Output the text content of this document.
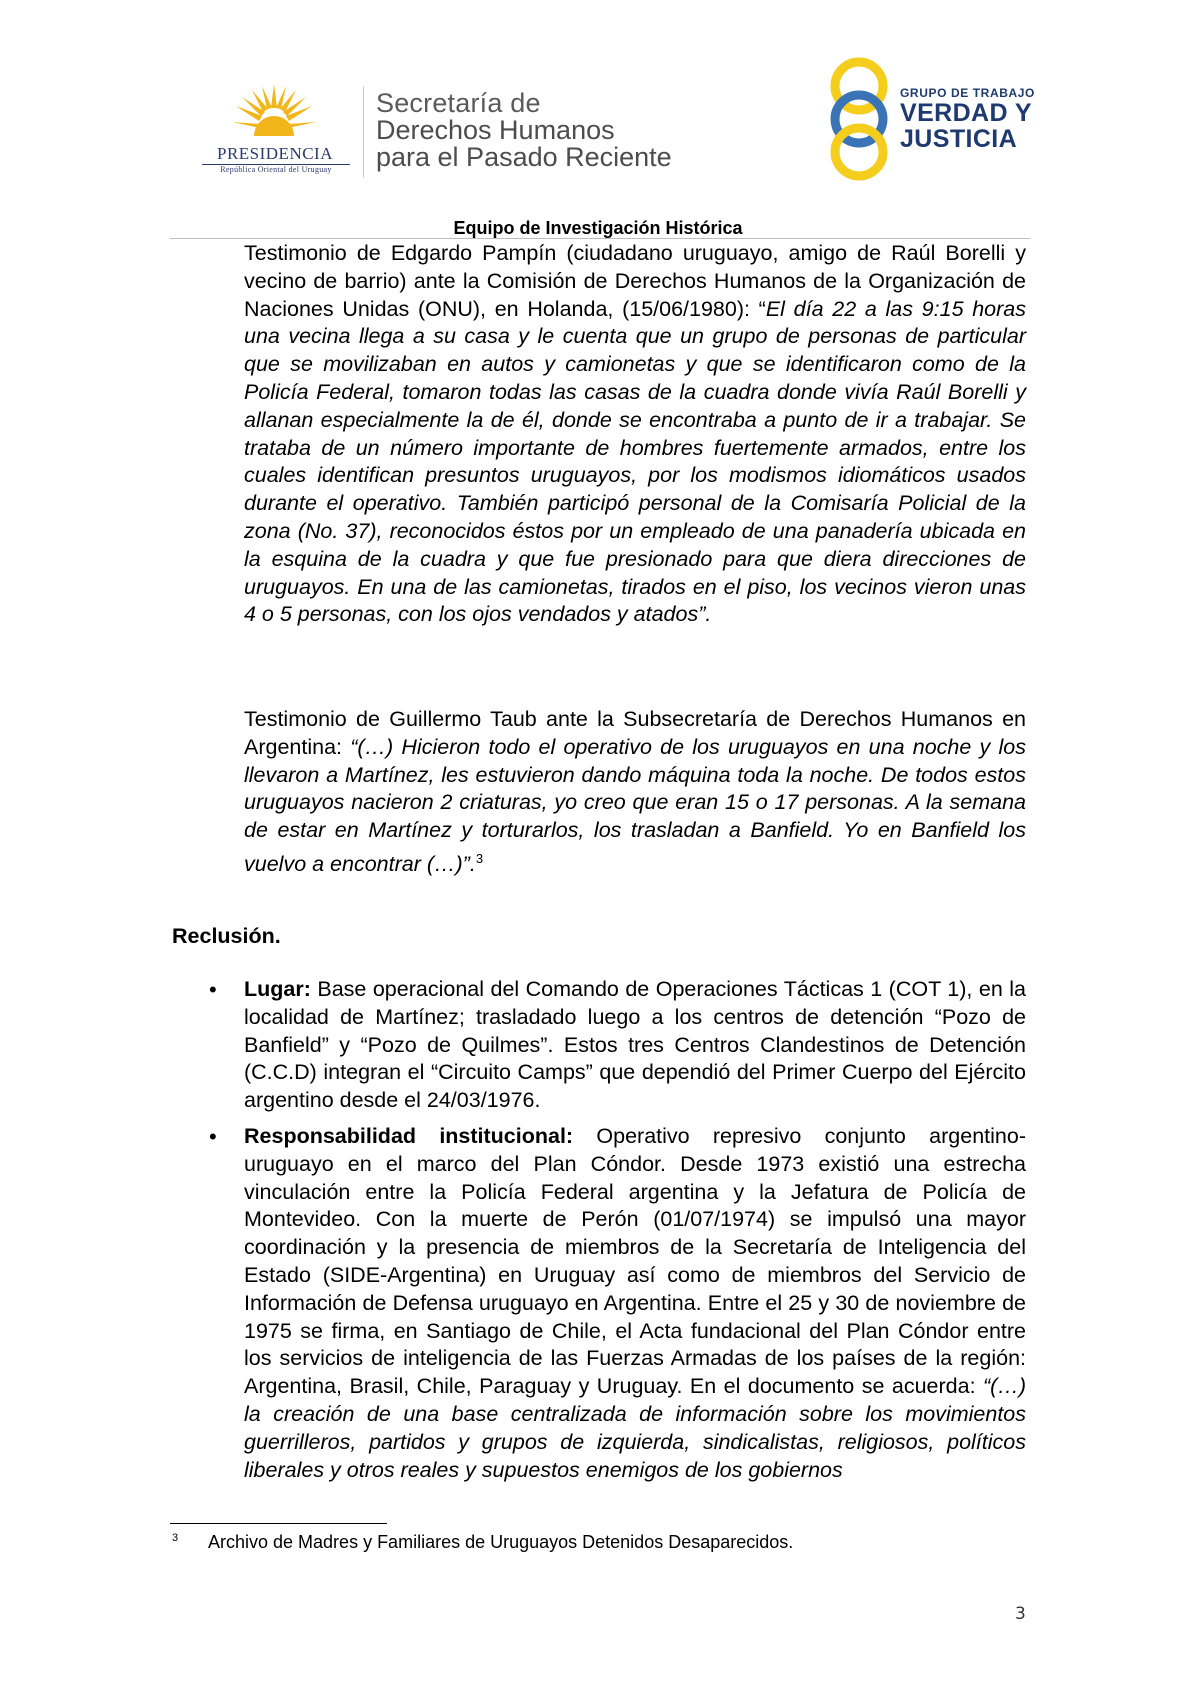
PRESIDENCIA
República Oriental del Uruguay
Secretaría de
Derechos Humanos
para el Pasado Reciente
GRUPO DE TRABAJO
VERDAD Y
JUSTICIA
Equipo de Investigación Histórica
Testimonio de Edgardo Pampín (ciudadano uruguayo, amigo de Raúl Borelli y vecino de barrio) ante la Comisión de Derechos Humanos de la Organización de Naciones Unidas (ONU), en Holanda, (15/06/1980): “El día 22 a las 9:15 horas una vecina llega a su casa y le cuenta que un grupo de personas de particular que se movilizaban en autos y camionetas y que se identificaron como de la Policía Federal, tomaron todas las casas de la cuadra donde vivía Raúl Borelli y allanan especialmente la de él, donde se encontraba a punto de ir a trabajar. Se trataba de un número importante de hombres fuertemente armados, entre los cuales identifican presuntos uruguayos, por los modismos idiomáticos usados durante el operativo. También participó personal de la Comisaría Policial de la zona (No. 37), reconocidos éstos por un empleado de una panadería ubicada en la esquina de la cuadra y que fue presionado para que diera direcciones de uruguayos. En una de las camionetas, tirados en el piso, los vecinos vieron unas 4 o 5 personas, con los ojos vendados y atados”.
Testimonio de Guillermo Taub ante la Subsecretaría de Derechos Humanos en Argentina: “(…) Hicieron todo el operativo de los uruguayos en una noche y los llevaron a Martínez, les estuvieron dando máquina toda la noche. De todos estos uruguayos nacieron 2 criaturas, yo creo que eran 15 o 17 personas. A la semana de estar en Martínez y torturarlos, los trasladan a Banfield. Yo en Banfield los vuelvo a encontrar (…)”.$^3$
Reclusión.
• Lugar: Base operacional del Comando de Operaciones Tácticas 1 (COT 1), en la localidad de Martínez; trasladado luego a los centros de detención “Pozo de Banfield” y “Pozo de Quilmes”. Estos tres Centros Clandestinos de Detención (C.C.D) integran el “Circuito Camps” que dependió del Primer Cuerpo del Ejército argentino desde el 24/03/1976.
• Responsabilidad institucional: Operativo represivo conjunto argentino-uruguayo en el marco del Plan Cóndor. Desde 1973 existió una estrecha vinculación entre la Policía Federal argentina y la Jefatura de Policía de Montevideo. Con la muerte de Perón (01/07/1974) se impulsó una mayor coordinación y la presencia de miembros de la Secretaría de Inteligencia del Estado (SIDE-Argentina) en Uruguay así como de miembros del Servicio de Información de Defensa uruguayo en Argentina. Entre el 25 y 30 de noviembre de 1975 se firma, en Santiago de Chile, el Acta fundacional del Plan Cóndor entre los servicios de inteligencia de las Fuerzas Armadas de los países de la región: Argentina, Brasil, Chile, Paraguay y Uruguay. En el documento se acuerda: “(…) la creación de una base centralizada de información sobre los movimientos guerrilleros, partidos y grupos de izquierda, sindicalistas, religiosos, políticos liberales y otros reales y supuestos enemigos de los gobiernos
3 Archivo de Madres y Familiares de Uruguayos Detenidos Desaparecidos.
3
